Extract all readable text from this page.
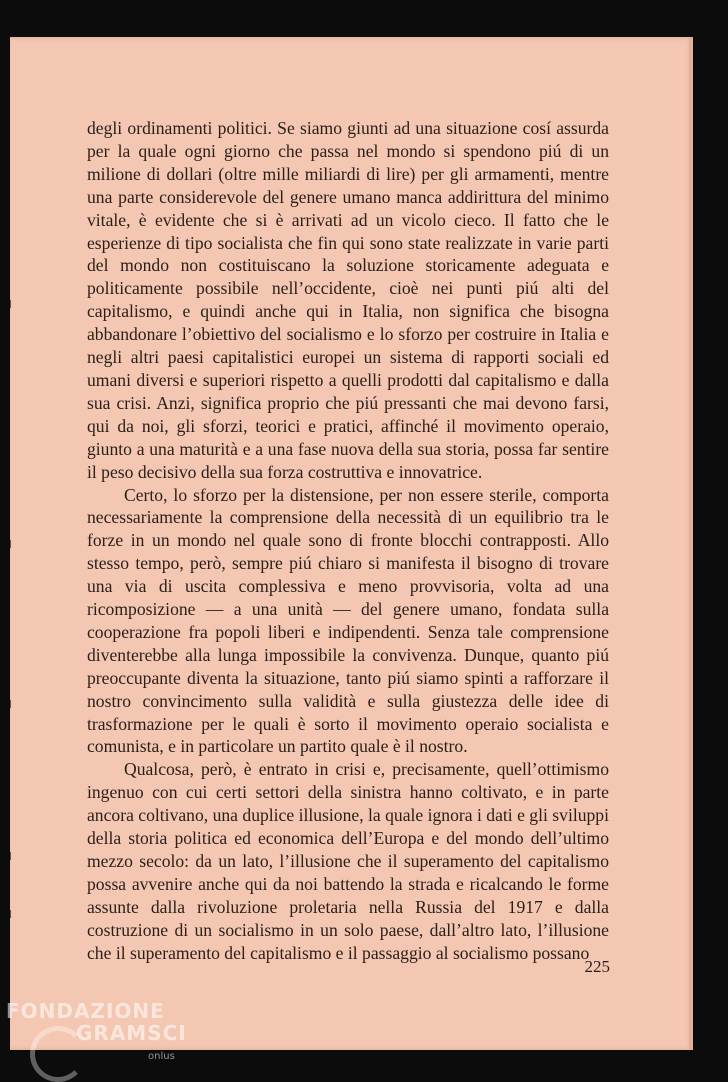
degli ordinamenti politici. Se siamo giunti ad una situazione cosí assurda per la quale ogni giorno che passa nel mondo si spendono piú di un milione di dollari (oltre mille miliardi di lire) per gli armamenti, mentre una parte considerevole del genere umano manca addirittura del minimo vitale, è evidente che si è arrivati ad un vicolo cieco. Il fatto che le esperienze di tipo socialista che fin qui sono state realizzate in varie parti del mondo non costituiscano la soluzione storicamente adeguata e politicamente possibile nell’occidente, cioè nei punti piú alti del capitalismo, e quindi anche qui in Italia, non significa che bisogna abbandonare l’obiettivo del socialismo e lo sforzo per costruire in Italia e negli altri paesi capitalistici europei un sistema di rapporti sociali ed umani diversi e superiori rispetto a quelli prodotti dal capitalismo e dalla sua crisi. Anzi, significa proprio che piú pressanti che mai devono farsi, qui da noi, gli sforzi, teorici e pratici, affinché il movimento operaio, giunto a una maturità e a una fase nuova della sua storia, possa far sentire il peso decisivo della sua forza costruttiva e innovatrice.

Certo, lo sforzo per la distensione, per non essere sterile, comporta necessariamente la comprensione della necessità di un equilibrio tra le forze in un mondo nel quale sono di fronte blocchi contrapposti. Allo stesso tempo, però, sempre piú chiaro si manifesta il bisogno di trovare una via di uscita complessiva e meno provvisoria, volta ad una ricomposizione — a una unità — del genere umano, fondata sulla cooperazione fra popoli liberi e indipendenti. Senza tale comprensione diventerebbe alla lunga impossibile la convivenza. Dunque, quanto piú preoccupante diventa la situazione, tanto piú siamo spinti a rafforzare il nostro convincimento sulla validità e sulla giustezza delle idee di trasformazione per le quali è sorto il movimento operaio socialista e comunista, e in particolare un partito quale è il nostro.

Qualcosa, però, è entrato in crisi e, precisamente, quell’ottimismo ingenuo con cui certi settori della sinistra hanno coltivato, e in parte ancora coltivano, una duplice illusione, la quale ignora i dati e gli sviluppi della storia politica ed economica dell’Europa e del mondo dell’ultimo mezzo secolo: da un lato, l’illusione che il superamento del capitalismo possa avvenire anche qui da noi battendo la strada e ricalcando le forme assunte dalla rivoluzione proletaria nella Russia del 1917 e dalla costruzione di un socialismo in un solo paese, dall’altro lato, l’illusione che il superamento del capitalismo e il passaggio al socialismo possano

225
FONDAZIONE
GRAMSCI
onlus
